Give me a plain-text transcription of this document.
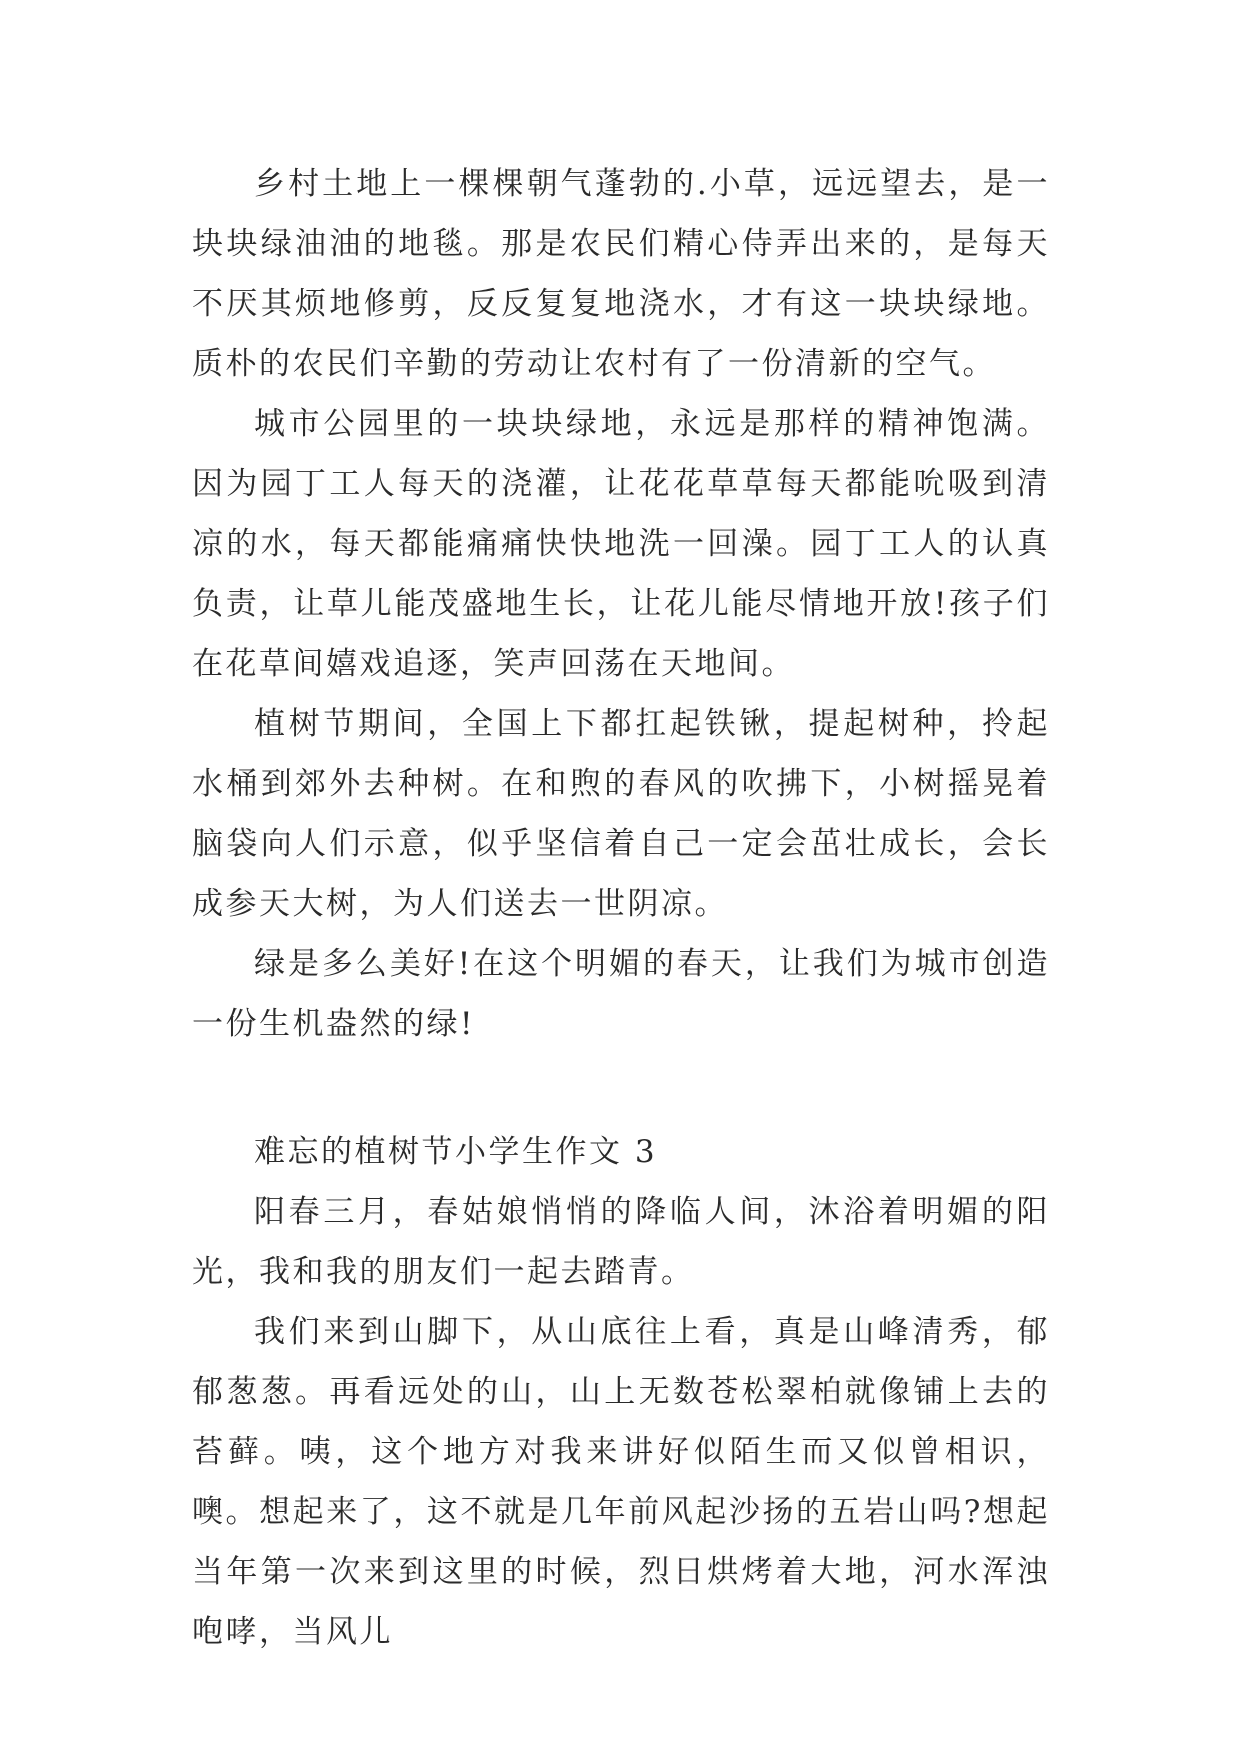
乡村土地上一棵棵朝气蓬勃的.小草，远远望去，是一块块绿油油的地毯。那是农民们精心侍弄出来的，是每天不厌其烦地修剪，反反复复地浇水，才有这一块块绿地。质朴的农民们辛勤的劳动让农村有了一份清新的空气。

城市公园里的一块块绿地，永远是那样的精神饱满。因为园丁工人每天的浇灌，让花花草草每天都能吮吸到清凉的水，每天都能痛痛快快地洗一回澡。园丁工人的认真负责，让草儿能茂盛地生长，让花儿能尽情地开放!孩子们在花草间嬉戏追逐，笑声回荡在天地间。

植树节期间，全国上下都扛起铁锹，提起树种，拎起水桶到郊外去种树。在和煦的春风的吹拂下，小树摇晃着脑袋向人们示意，似乎坚信着自己一定会茁壮成长，会长成参天大树，为人们送去一世阴凉。

绿是多么美好!在这个明媚的春天，让我们为城市创造一份生机盎然的绿!

难忘的植树节小学生作文 3

阳春三月，春姑娘悄悄的降临人间，沐浴着明媚的阳光，我和我的朋友们一起去踏青。

我们来到山脚下，从山底往上看，真是山峰清秀，郁郁葱葱。再看远处的山，山上无数苍松翠柏就像铺上去的苔藓。咦，这个地方对我来讲好似陌生而又似曾相识，噢。想起来了，这不就是几年前风起沙扬的五岩山吗?想起当年第一次来到这里的时候，烈日烘烤着大地，河水浑浊咆哮，当风儿
